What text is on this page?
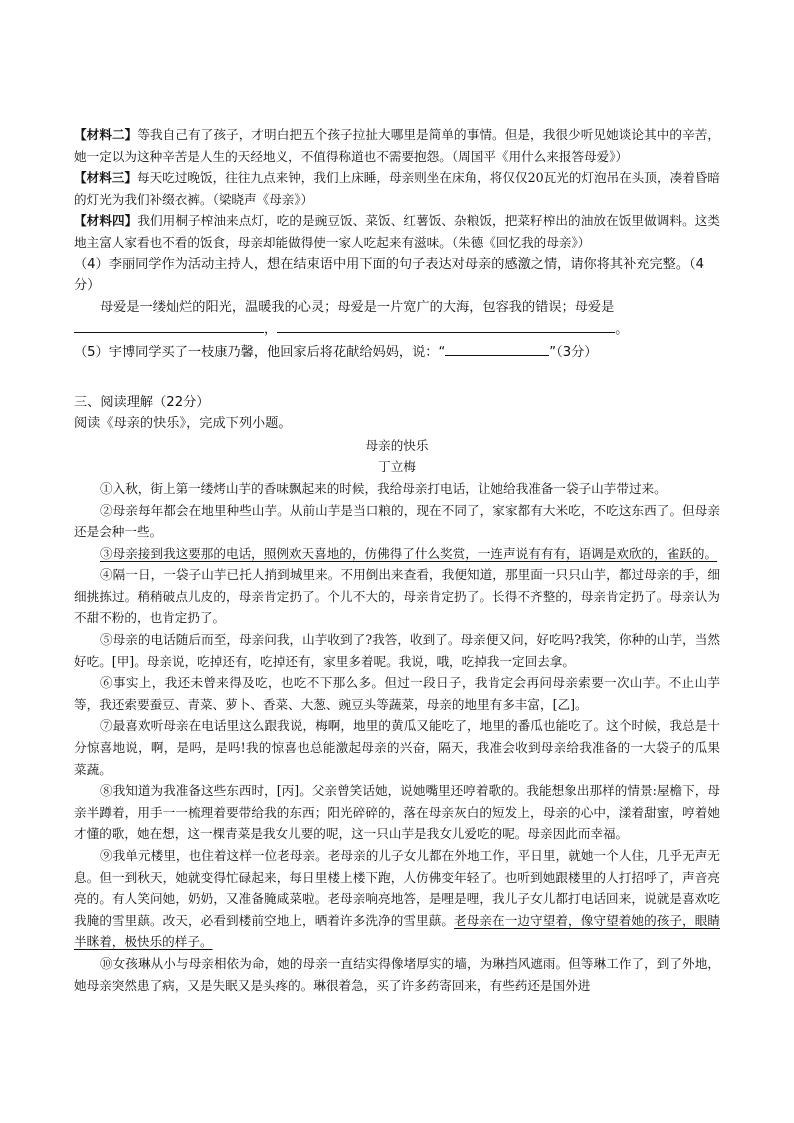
【材料二】等我自己有了孩子，才明白把五个孩子拉扯大哪里是简单的事情。但是，我很少听见她谈论其中的辛苦，她一定以为这种辛苦是人生的天经地义，不值得称道也不需要抱怨。（周国平《用什么来报答母爱》）

【材料三】每天吃过晚饭，往往九点来钟，我们上床睡，母亲则坐在床角，将仅仅20瓦光的灯泡吊在头顶，凑着昏暗的灯光为我们补缀衣裤。（梁晓声《母亲》）

【材料四】我们用桐子榨油来点灯，吃的是豌豆饭、菜饭、红薯饭、杂粮饭，把菜籽榨出的油放在饭里做调料。这类地主富人家看也不看的饭食，母亲却能做得使一家人吃起来有滋味。（朱德《回忆我的母亲》）

（4）李丽同学作为活动主持人，想在结束语中用下面的句子表达对母亲的感激之情，请你将其补充完整。（4分）

母爱是一缕灿烂的阳光，温暖我的心灵；母爱是一片宽广的大海，包容我的错误；母爱是

，	。

（5）宇博同学买了一枝康乃馨，他回家后将花献给妈妈，说：“	”（3分）

三、阅读理解（22分）

阅读《母亲的快乐》，完成下列小题。

母亲的快乐

丁立梅

①入秋，街上第一缕烤山芋的香味飘起来的时候，我给母亲打电话，让她给我准备一袋子山芋带过来。

②母亲每年都会在地里种些山芋。从前山芋是当口粮的，现在不同了，家家都有大米吃，不吃这东西了。但母亲还是会种一些。

③母亲接到我这要那的电话，照例欢天喜地的，仿佛得了什么奖赏，一连声说有有有，语调是欢欣的，雀跃的。

④隔一日，一袋子山芋已托人捎到城里来。不用倒出来查看，我便知道，那里面一只只山芋，都过母亲的手，细细挑拣过。稍稍破点儿皮的，母亲肯定扔了。个儿不大的，母亲肯定扔了。长得不齐整的，母亲肯定扔了。母亲认为不甜不粉的，也肯定扔了。

⑤母亲的电话随后而至，母亲问我，山芋收到了?我答，收到了。母亲便又问，好吃吗?我笑，你种的山芋，当然好吃。[甲]。母亲说，吃掉还有，吃掉还有，家里多着呢。我说，哦，吃掉我一定回去拿。

⑥事实上，我还未曾来得及吃，也吃不下那么多。但过一段日子，我肯定会再问母亲索要一次山芋。不止山芋等，我还索要蚕豆、青菜、萝卜、香菜、大葱、豌豆头等蔬菜，母亲的地里有多丰富，[乙]。

⑦最喜欢听母亲在电话里这么跟我说，梅啊，地里的黄瓜又能吃了，地里的番瓜也能吃了。这个时候，我总是十分惊喜地说，啊，是吗，是吗!我的惊喜也总能激起母亲的兴奋，隔天，我准会收到母亲给我准备的一大袋子的瓜果菜蔬。

⑧我知道为我准备这些东西时，[丙]。父亲曾笑话她，说她嘴里还哼着歌的。我能想象出那样的情景:屋檐下，母亲半蹲着，用手一一梳理着要带给我的东西；阳光碎碎的，落在母亲灰白的短发上，母亲的心中，漾着甜蜜，哼着她才懂的歌，她在想，这一棵青菜是我女儿要的呢，这一只山芋是我女儿爱吃的呢。母亲因此而幸福。

⑨我单元楼里，也住着这样一位老母亲。老母亲的儿子女儿都在外地工作，平日里，就她一个人住，几乎无声无息。但一到秋天，她就变得忙碌起来，每日里楼上楼下跑，人仿佛变年轻了。也听到她跟楼里的人打招呼了，声音亮亮的。有人笑问她，奶奶，又准备腌咸菜啦。老母亲响亮地答，是哩是哩，我儿子女儿都打电话回来，说就是喜欢吃我腌的雪里蕻。改天，必看到楼前空地上，晒着许多洗净的雪里蕻。老母亲在一边守望着，像守望着她的孩子，眼睛半眯着，极快乐的样子。

⑩女孩琳从小与母亲相依为命，她的母亲一直结实得像堵厚实的墙，为琳挡风遮雨。但等琳工作了，到了外地，她母亲突然患了病，又是失眠又是头疼的。琳很着急，买了许多药寄回来，有些药还是国外进
